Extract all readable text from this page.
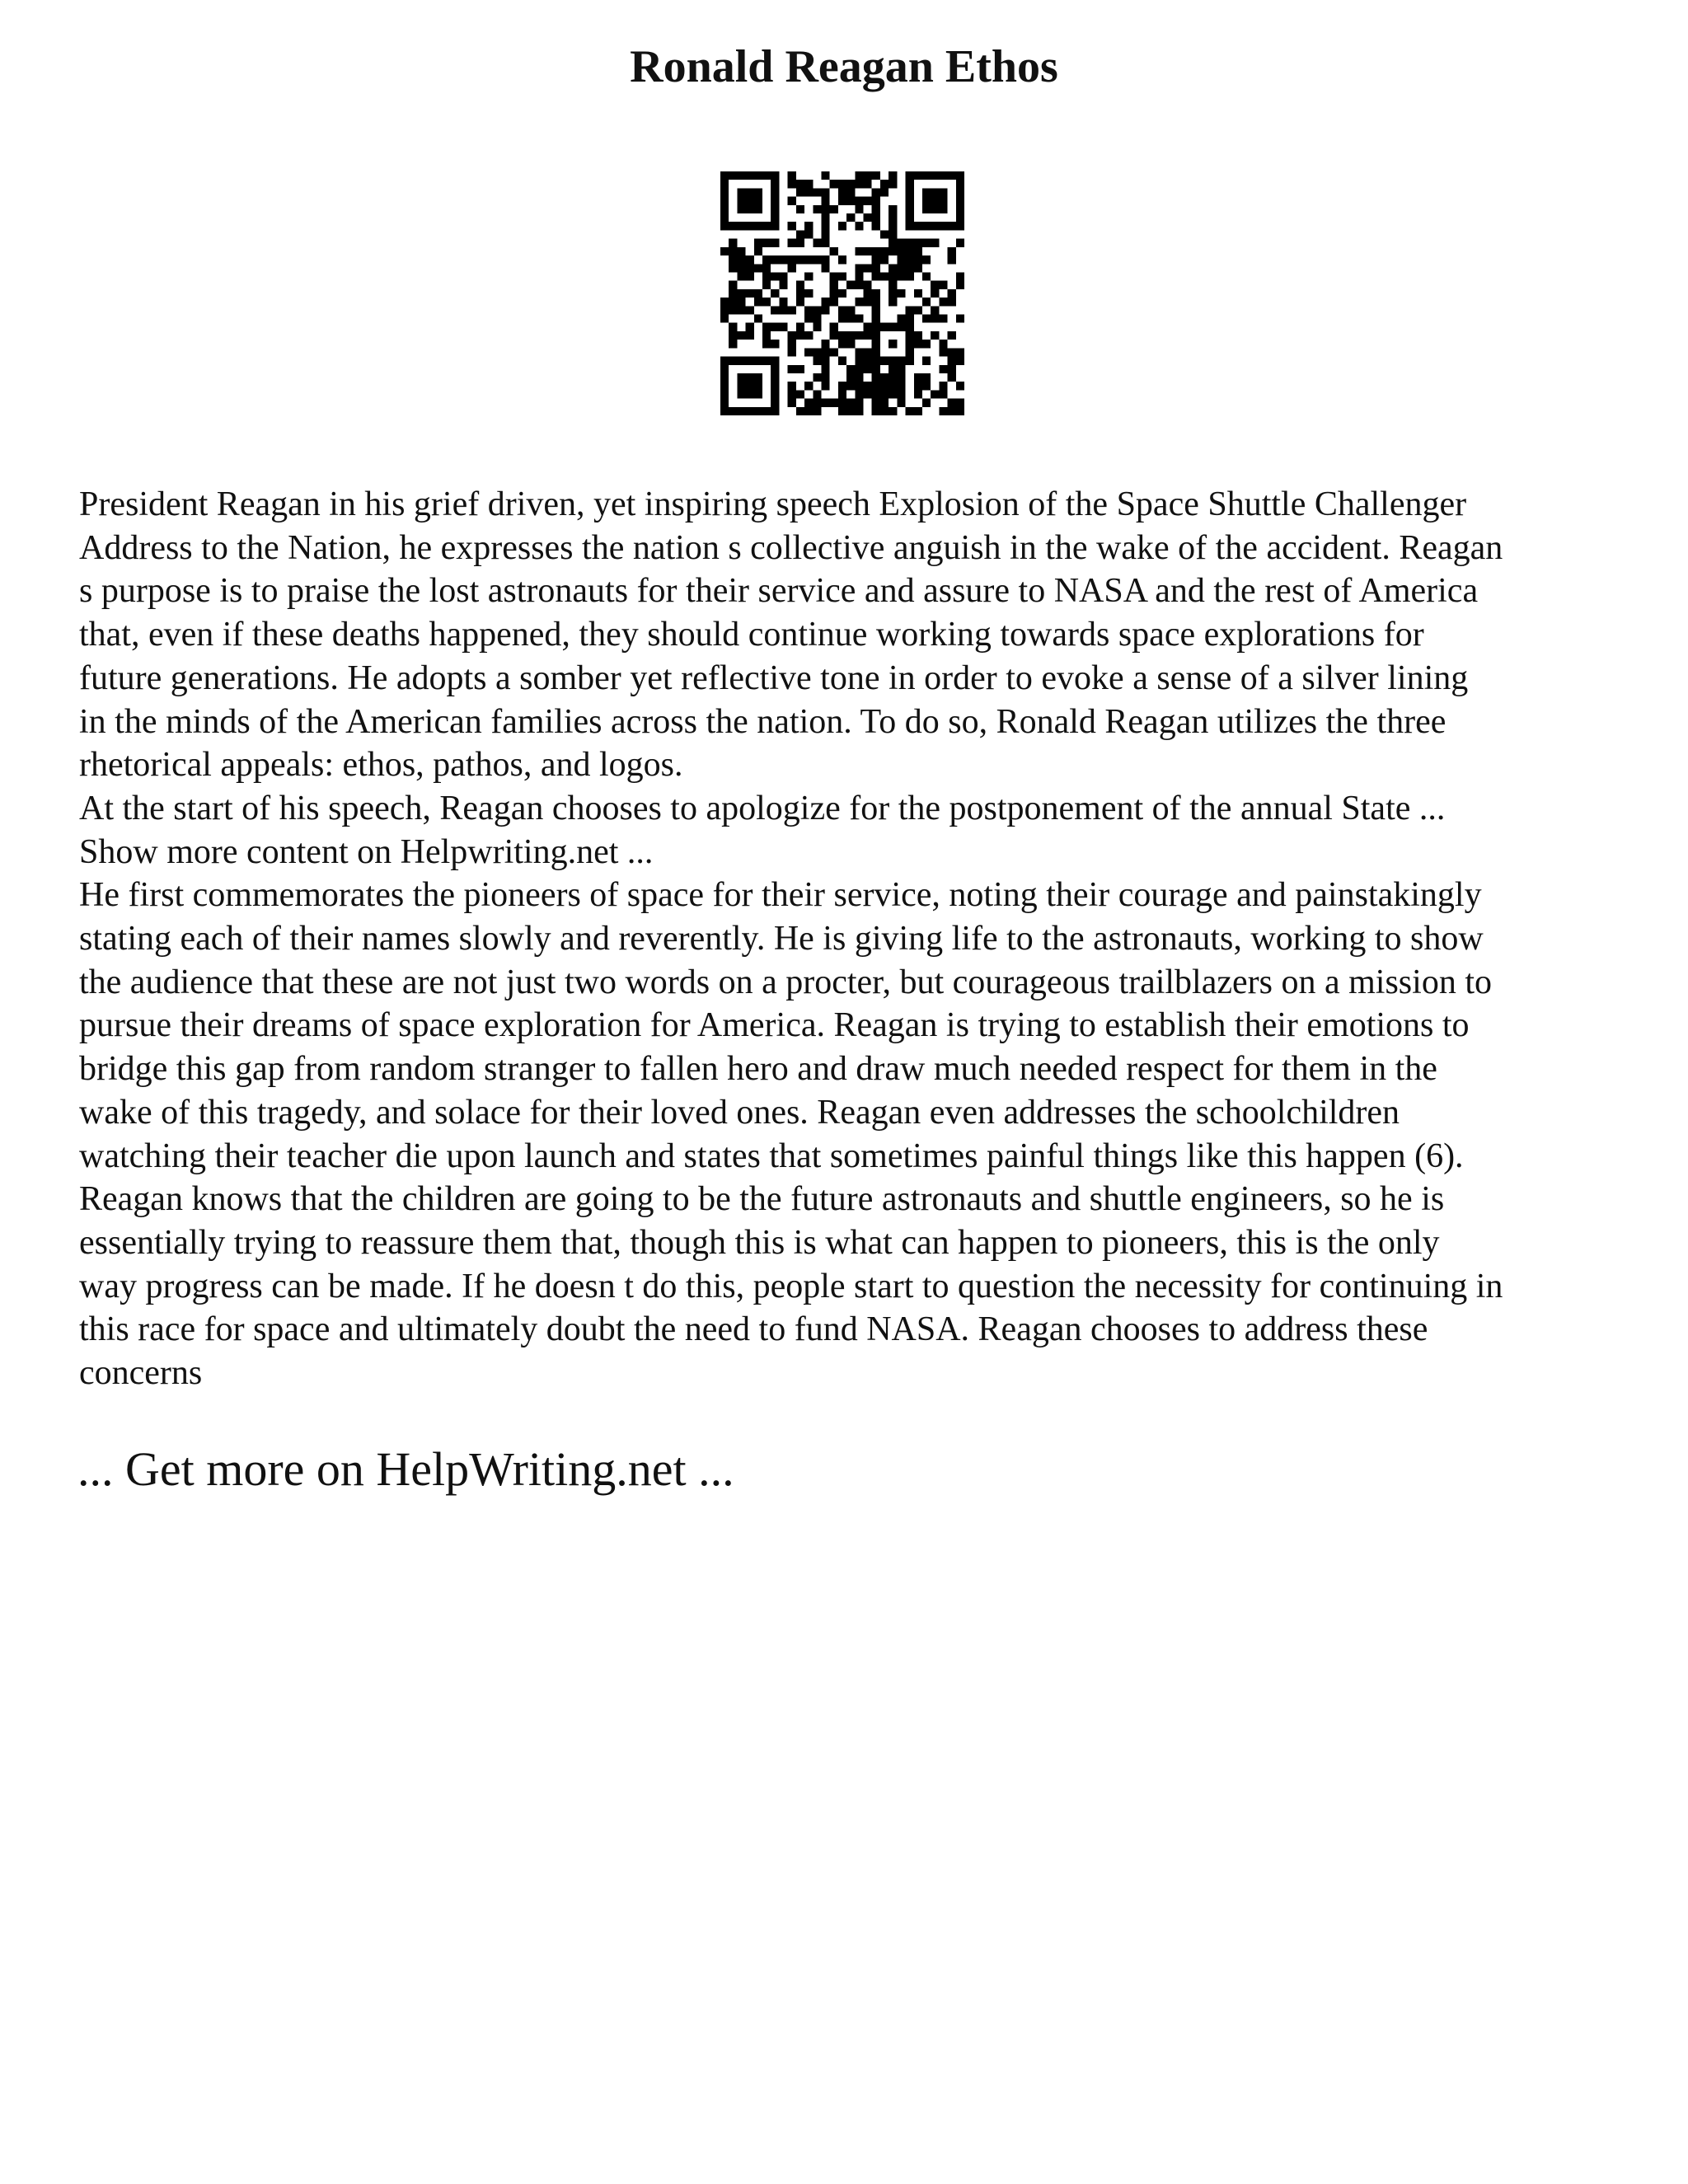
Ronald Reagan Ethos

President Reagan in his grief driven, yet inspiring speech Explosion of the Space Shuttle Challenger
Address to the Nation, he expresses the nation s collective anguish in the wake of the accident. Reagan
s purpose is to praise the lost astronauts for their service and assure to NASA and the rest of America
that, even if these deaths happened, they should continue working towards space explorations for
future generations. He adopts a somber yet reflective tone in order to evoke a sense of a silver lining
in the minds of the American families across the nation. To do so, Ronald Reagan utilizes the three
rhetorical appeals: ethos, pathos, and logos.

At the start of his speech, Reagan chooses to apologize for the postponement of the annual State ...

Show more content on Helpwriting.net ...

He first commemorates the pioneers of space for their service, noting their courage and painstakingly
stating each of their names slowly and reverently. He is giving life to the astronauts, working to show
the audience that these are not just two words on a procter, but courageous trailblazers on a mission to
pursue their dreams of space exploration for America. Reagan is trying to establish their emotions to
bridge this gap from random stranger to fallen hero and draw much needed respect for them in the
wake of this tragedy, and solace for their loved ones. Reagan even addresses the schoolchildren
watching their teacher die upon launch and states that sometimes painful things like this happen (6).
Reagan knows that the children are going to be the future astronauts and shuttle engineers, so he is
essentially trying to reassure them that, though this is what can happen to pioneers, this is the only
way progress can be made. If he doesn t do this, people start to question the necessity for continuing in
this race for space and ultimately doubt the need to fund NASA. Reagan chooses to address these
concerns

... Get more on HelpWriting.net ...
